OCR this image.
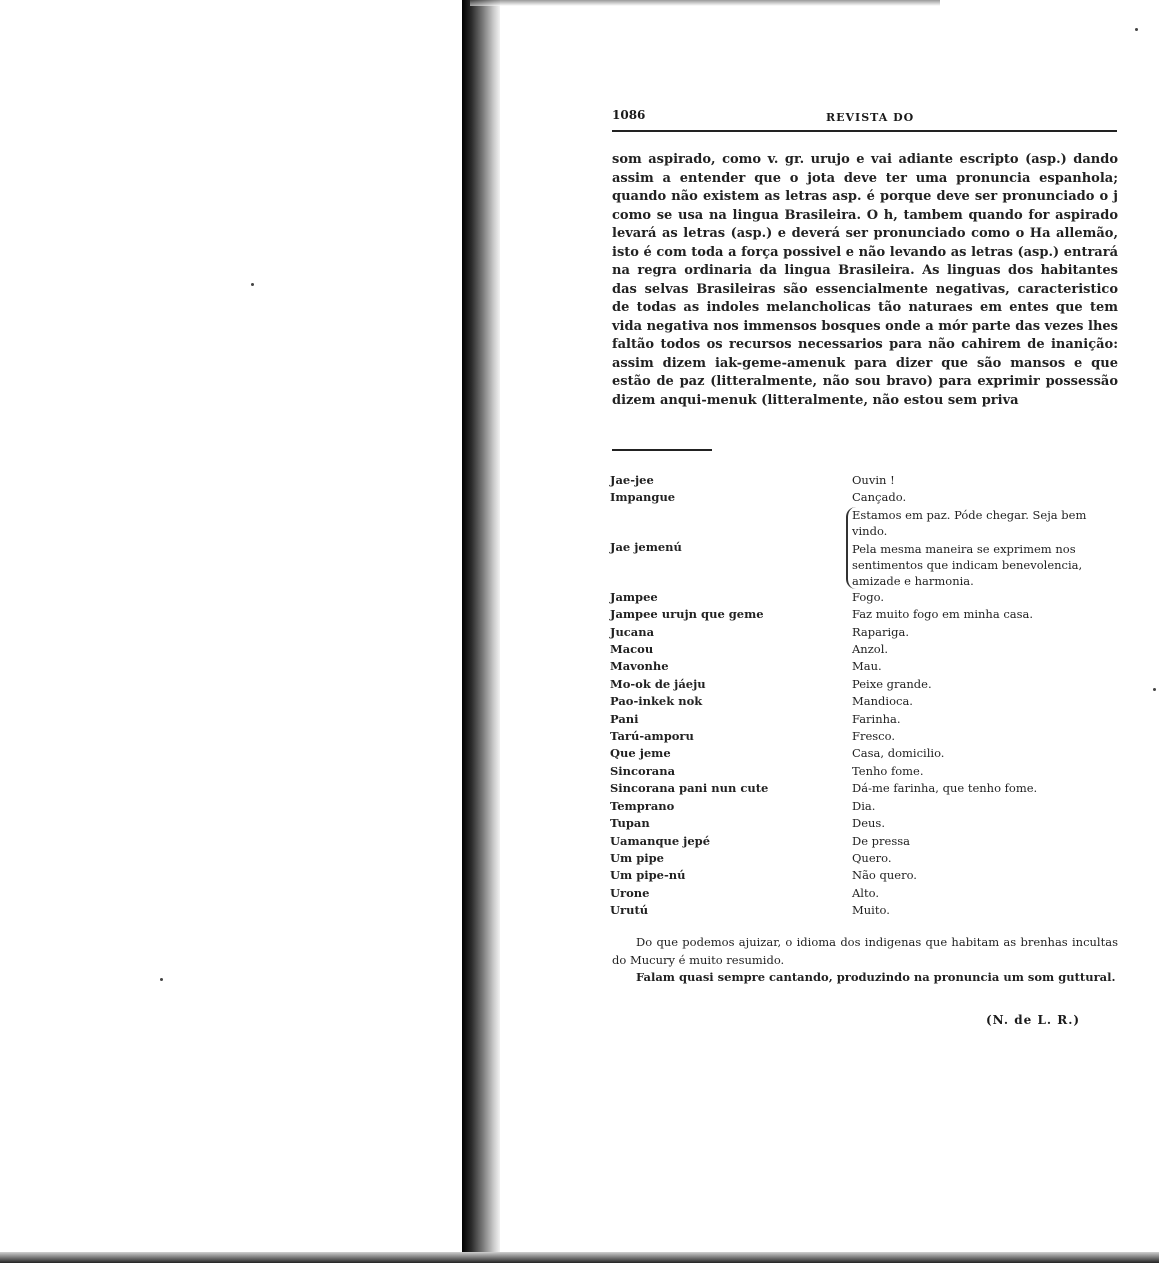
1086	REVISTA DO

som aspirado, como v. gr. urujo e vai adiante escripto (asp.) dando assim a entender que o jota deve ter uma pronuncia espanhola; quando não existem as letras asp. é porque deve ser pronunciado o j como se usa na lingua Brasileira. O h, tambem quando for aspirado levará as letras (asp.) e deverá ser pronunciado como o Ha allemão, isto é com toda a força possivel e não levando as letras (asp.) entrará na regra ordinaria da lingua Brasileira. As linguas dos habitantes das selvas Brasileiras são essencialmente negativas, caracteristico de todas as indoles melancholicas tão naturaes em entes que tem vida negativa nos immensos bosques onde a mór parte das vezes lhes faltão todos os recursos necessarios para não cahirem de inanição: assim dizem iak-geme-amenuk para dizer que são mansos e que estão de paz (litteralmente, não sou bravo) para exprimir possessão dizem anqui-menuk (litteralmente, não estou sem priva

Jae-jee	Ouvin !
Impangue	Cançado.
Jae jemenú	Estamos em paz. Póde chegar. Seja bem vindo.
Pela mesma maneira se exprimem nos sentimentos que indicam benevolencia, amizade e harmonia.

Jampee	Fogo.
Jampee urujn que geme	Faz muito fogo em minha casa.
Jucana	Rapariga.
Macou	Anzol.
Mavonhe	Mau.
Mo-ok de jáeju	Peixe grande.
Pao-inkek nok	Mandioca.
Pani	Farinha.
Tarú-amporu	Fresco.
Que jeme	Casa, domicilio.
Sincorana	Tenho fome.
Sincorana pani nun cute	Dá-me farinha, que tenho fome.
Temprano	Dia.
Tupan	Deus.
Uamanque jepé	De pressa
Um pipe	Quero.
Um pipe-nú	Não quero.
Urone	Alto.
Urutú	Muito.

Do que podemos ajuizar, o idioma dos indigenas que habitam as brenhas incultas do Mucury é muito resumido.

Falam quasi sempre cantando, produzindo na pronuncia um som guttural.

(N. de L. R.)
